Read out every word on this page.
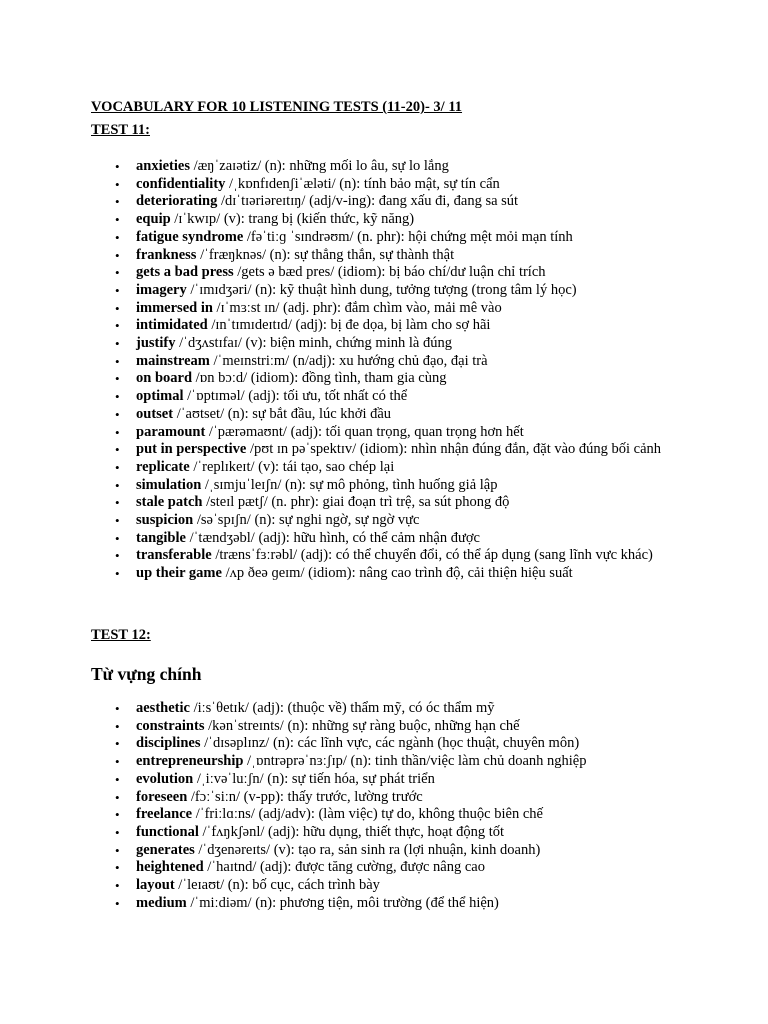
VOCABULARY FOR 10 LISTENING TESTS (11-20)- 3/ 11
TEST 11:
• anxieties /æŋˈzaɪətiz/ (n): những mối lo âu, sự lo lắng
• confidentiality /ˌkɒnfɪdenʃiˈæləti/ (n): tính bảo mật, sự tín cẩn
• deteriorating /dɪˈtɪəriəreɪtɪŋ/ (adj/v-ing): đang xấu đi, đang sa sút
• equip /ɪˈkwɪp/ (v): trang bị (kiến thức, kỹ năng)
• fatigue syndrome /fəˈtiːɡ ˈsɪndrəʊm/ (n. phr): hội chứng mệt mỏi mạn tính
• frankness /ˈfræŋknəs/ (n): sự thẳng thắn, sự thành thật
• gets a bad press /gets ə bæd pres/ (idiom): bị báo chí/dư luận chỉ trích
• imagery /ˈɪmɪdʒəri/ (n): kỹ thuật hình dung, tưởng tượng (trong tâm lý học)
• immersed in /ɪˈmɜːst ɪn/ (adj. phr): đắm chìm vào, mải mê vào
• intimidated /ɪnˈtɪmɪdeɪtɪd/ (adj): bị đe dọa, bị làm cho sợ hãi
• justify /ˈdʒʌstɪfaɪ/ (v): biện minh, chứng minh là đúng
• mainstream /ˈmeɪnstriːm/ (n/adj): xu hướng chủ đạo, đại trà
• on board /ɒn bɔːd/ (idiom): đồng tình, tham gia cùng
• optimal /ˈɒptɪməl/ (adj): tối ưu, tốt nhất có thể
• outset /ˈaʊtset/ (n): sự bắt đầu, lúc khởi đầu
• paramount /ˈpærəmaʊnt/ (adj): tối quan trọng, quan trọng hơn hết
• put in perspective /pʊt ɪn pəˈspektɪv/ (idiom): nhìn nhận đúng đắn, đặt vào đúng bối cảnh
• replicate /ˈreplɪkeɪt/ (v): tái tạo, sao chép lại
• simulation /ˌsɪmjuˈleɪʃn/ (n): sự mô phỏng, tình huống giả lập
• stale patch /steɪl pætʃ/ (n. phr): giai đoạn trì trệ, sa sút phong độ
• suspicion /səˈspɪʃn/ (n): sự nghi ngờ, sự ngờ vực
• tangible /ˈtændʒəbl/ (adj): hữu hình, có thể cảm nhận được
• transferable /trænsˈfɜːrəbl/ (adj): có thể chuyển đổi, có thể áp dụng (sang lĩnh vực khác)
• up their game /ʌp ðeə ɡeɪm/ (idiom): nâng cao trình độ, cải thiện hiệu suất
TEST 12:
Từ vựng chính
• aesthetic /iːsˈθetɪk/ (adj): (thuộc về) thẩm mỹ, có óc thẩm mỹ
• constraints /kənˈstreɪnts/ (n): những sự ràng buộc, những hạn chế
• disciplines /ˈdɪsəplɪnz/ (n): các lĩnh vực, các ngành (học thuật, chuyên môn)
• entrepreneurship /ˌɒntrəprəˈnɜːʃɪp/ (n): tinh thần/việc làm chủ doanh nghiệp
• evolution /ˌiːvəˈluːʃn/ (n): sự tiến hóa, sự phát triển
• foreseen /fɔːˈsiːn/ (v-pp): thấy trước, lường trước
• freelance /ˈfriːlɑːns/ (adj/adv): (làm việc) tự do, không thuộc biên chế
• functional /ˈfʌŋkʃənl/ (adj): hữu dụng, thiết thực, hoạt động tốt
• generates /ˈdʒenəreɪts/ (v): tạo ra, sản sinh ra (lợi nhuận, kinh doanh)
• heightened /ˈhaɪtnd/ (adj): được tăng cường, được nâng cao
• layout /ˈleɪaʊt/ (n): bố cục, cách trình bày
• medium /ˈmiːdiəm/ (n): phương tiện, môi trường (để thể hiện)
